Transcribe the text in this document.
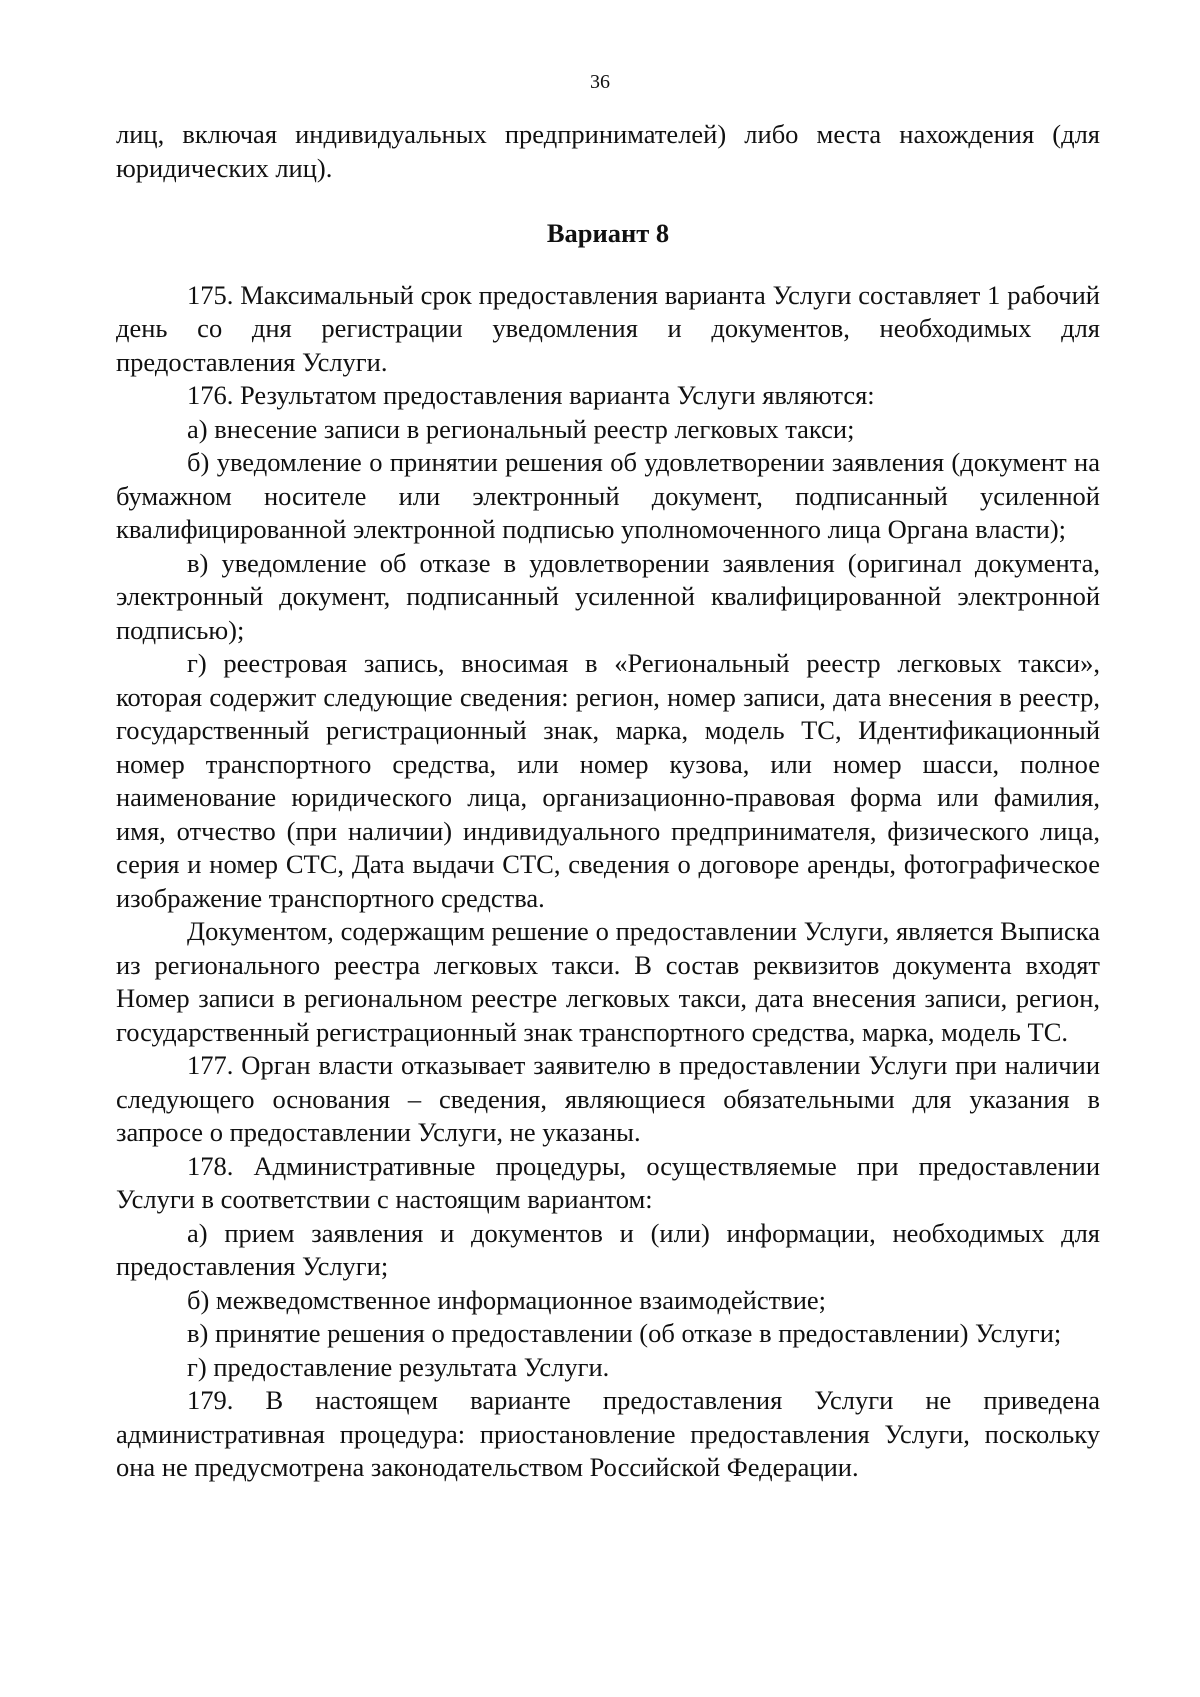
36

лиц, включая индивидуальных предпринимателей) либо места нахождения (для юридических лиц).

Вариант 8

175. Максимальный срок предоставления варианта Услуги составляет 1 рабочий день со дня регистрации уведомления и документов, необходимых для предоставления Услуги.

176. Результатом предоставления варианта Услуги являются:

а) внесение записи в региональный реестр легковых такси;

б) уведомление о принятии решения об удовлетворении заявления (документ на бумажном носителе или электронный документ, подписанный усиленной квалифицированной электронной подписью уполномоченного лица Органа власти);

в) уведомление об отказе в удовлетворении заявления (оригинал документа, электронный документ, подписанный усиленной квалифицированной электронной подписью);

г) реестровая запись, вносимая в «Региональный реестр легковых такси», которая содержит следующие сведения: регион, номер записи, дата внесения в реестр, государственный регистрационный знак, марка, модель ТС, Идентификационный номер транспортного средства, или номер кузова, или номер шасси, полное наименование юридического лица, организационно-правовая форма или фамилия, имя, отчество (при наличии) индивидуального предпринимателя, физического лица, серия и номер СТС, Дата выдачи СТС, сведения о договоре аренды, фотографическое изображение транспортного средства.

Документом, содержащим решение о предоставлении Услуги, является Выписка из регионального реестра легковых такси. В состав реквизитов документа входят Номер записи в региональном реестре легковых такси, дата внесения записи, регион, государственный регистрационный знак транспортного средства, марка, модель ТС.

177. Орган власти отказывает заявителю в предоставлении Услуги при наличии следующего основания – сведения, являющиеся обязательными для указания в запросе о предоставлении Услуги, не указаны.

178. Административные процедуры, осуществляемые при предоставлении Услуги в соответствии с настоящим вариантом:

а) прием заявления и документов и (или) информации, необходимых для предоставления Услуги;

б) межведомственное информационное взаимодействие;

в) принятие решения о предоставлении (об отказе в предоставлении) Услуги;

г) предоставление результата Услуги.

179. В настоящем варианте предоставления Услуги не приведена административная процедура: приостановление предоставления Услуги, поскольку она не предусмотрена законодательством Российской Федерации.
